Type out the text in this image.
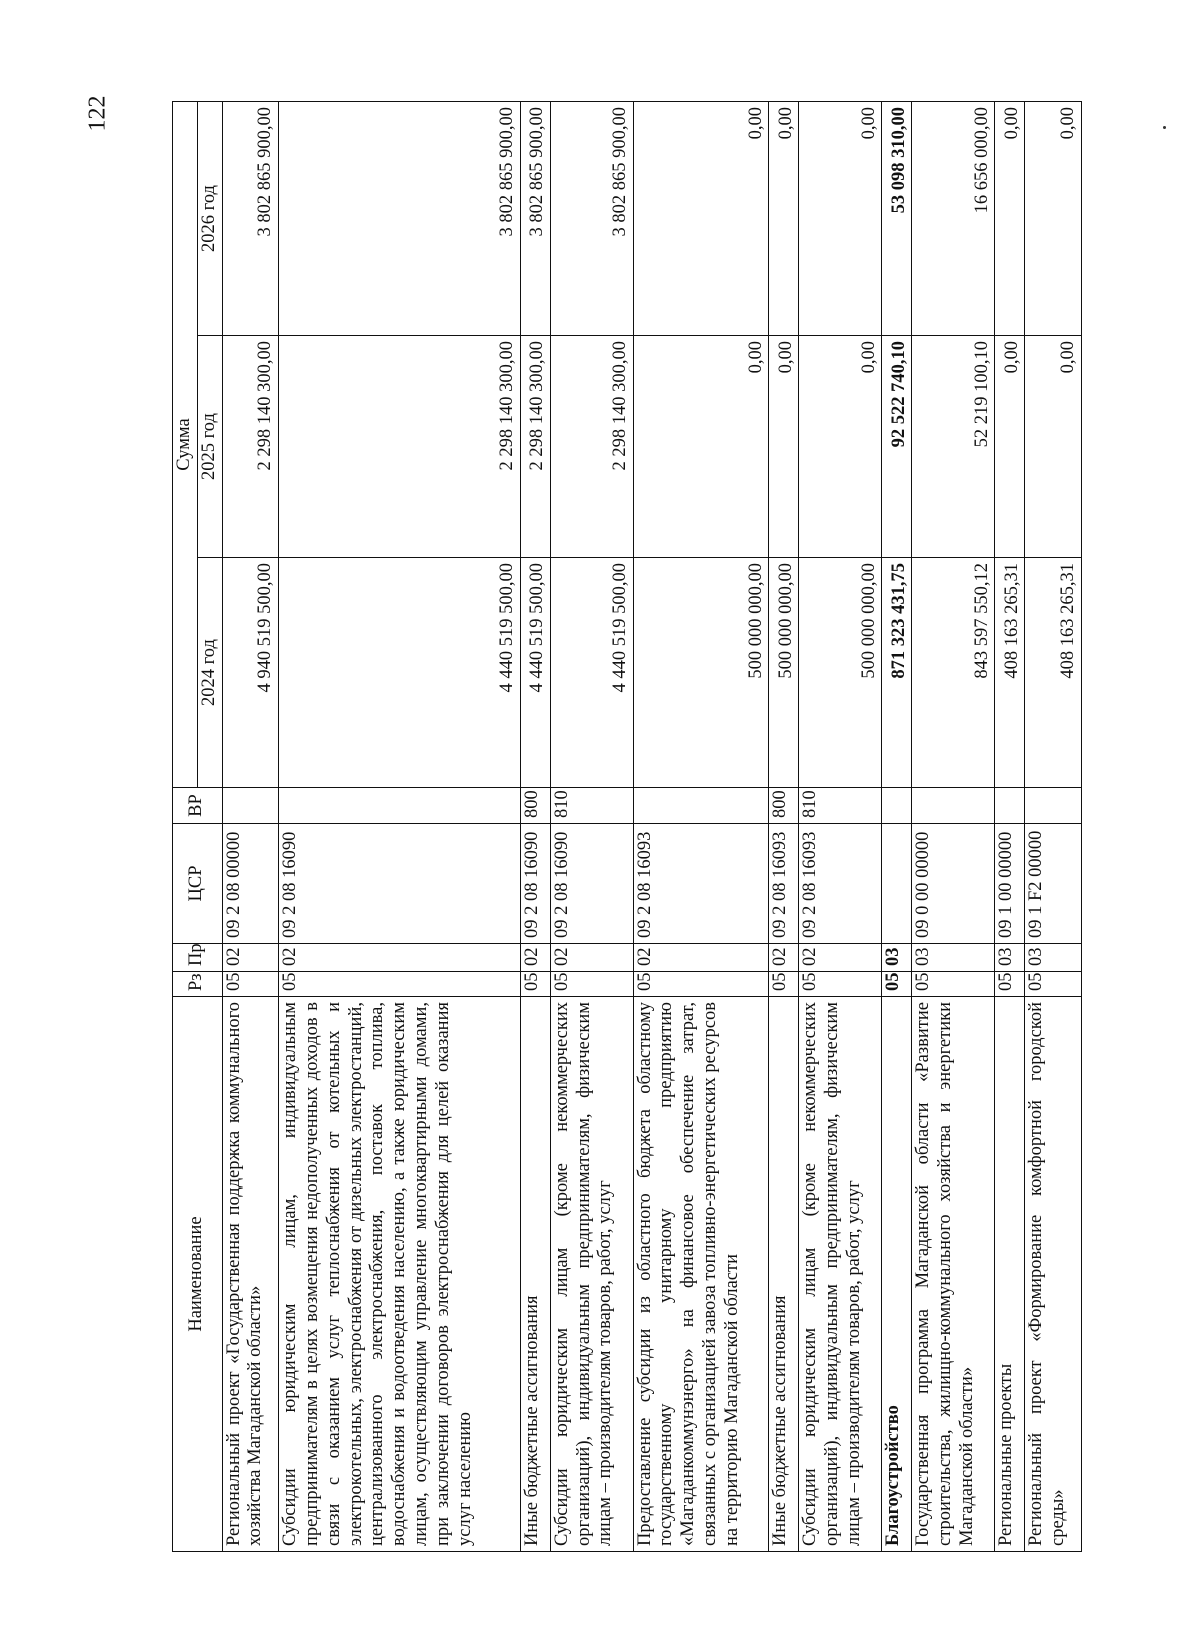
122
Наименование	Рз	Пр	ЦСР	ВР	Сумма		
					2024 год	2025 год	2026 год
Региональный проект «Государственная поддержка коммунального хозяйства Магаданской области»	05	02	09 2 08 00000		4 940 519 500,00	2 298 140 300,00	3 802 865 900,00
Субсидии юридическим лицам, индивидуальным предпринимателям в целях возмещения недополученных доходов в связи с оказанием услуг теплоснабжения от котельных и электрокотельных, электроснабжения от дизельных электростанций, централизованного электроснабжения, поставок топлива, водоснабжения и водоотведения населению, а также юридическим лицам, осуществляющим управление многоквартирными домами, при заключении договоров электроснабжения для целей оказания услуг населению	05	02	09 2 08 16090		4 440 519 500,00	2 298 140 300,00	3 802 865 900,00
Иные бюджетные ассигнования	05	02	09 2 08 16090	800	4 440 519 500,00	2 298 140 300,00	3 802 865 900,00
Субсидии юридическим лицам (кроме некоммерческих организаций), индивидуальным предпринимателям, физическим лицам – производителям товаров, работ, услуг	05	02	09 2 08 16090	810	4 440 519 500,00	2 298 140 300,00	3 802 865 900,00
Предоставление субсидии из областного бюджета областному государственному унитарному предприятию «Магаданкоммунэнерго» на финансовое обеспечение затрат, связанных с организацией завоза топливно-энергетических ресурсов на территорию Магаданской области	05	02	09 2 08 16093		500 000 000,00	0,00	0,00
Иные бюджетные ассигнования	05	02	09 2 08 16093	800	500 000 000,00	0,00	0,00
Субсидии юридическим лицам (кроме некоммерческих организаций), индивидуальным предпринимателям, физическим лицам – производителям товаров, работ, услуг	05	02	09 2 08 16093	810	500 000 000,00	0,00	0,00
Благоустройство	05	03			871 323 431,75	92 522 740,10	53 098 310,00
Государственная программа Магаданской области «Развитие строительства, жилищно-коммунального хозяйства и энергетики Магаданской области»	05	03	09 0 00 00000		843 597 550,12	52 219 100,10	16 656 000,00
Региональные проекты	05	03	09 1 00 00000		408 163 265,31	0,00	0,00
Региональный проект «Формирование комфортной городской среды»	05	03	09 1 F2 00000		408 163 265,31	0,00	0,00
